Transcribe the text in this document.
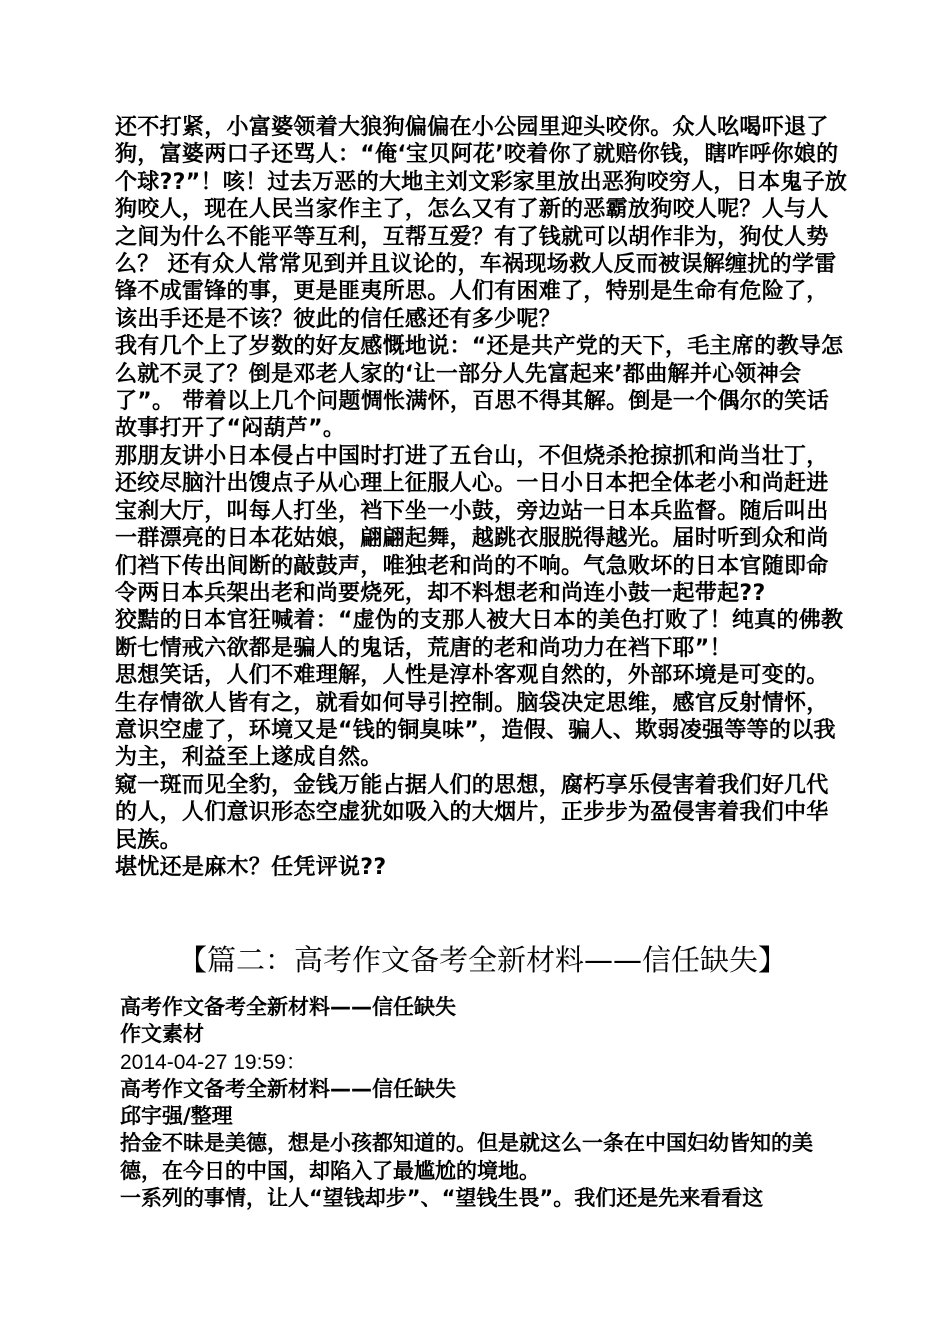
还不打紧，小富婆领着大狼狗偏偏在小公园里迎头咬你。众人吆喝吓退了狗，富婆两口子还骂人：“俺‘宝贝阿花’咬着你了就赔你钱，瞎咋呼你娘的个球??”！咳！过去万恶的大地主刘文彩家里放出恶狗咬穷人，日本鬼子放狗咬人，现在人民当家作主了，怎么又有了新的恶霸放狗咬人呢？人与人之间为什么不能平等互利，互帮互爱？有了钱就可以胡作非为，狗仗人势么？ 还有众人常常见到并且议论的，车祸现场救人反而被误解缠扰的学雷锋不成雷锋的事，更是匪夷所思。人们有困难了，特别是生命有危险了，该出手还是不该？彼此的信任感还有多少呢？

我有几个上了岁数的好友感慨地说：“还是共产党的天下，毛主席的教导怎么就不灵了？倒是邓老人家的‘让一部分人先富起来’都曲解并心领神会了”。 带着以上几个问题惆怅满怀，百思不得其解。倒是一个偶尔的笑话故事打开了“闷葫芦”。

那朋友讲小日本侵占中国时打进了五台山，不但烧杀抢掠抓和尚当壮丁，还绞尽脑汁出馊点子从心理上征服人心。一日小日本把全体老小和尚赶进宝刹大厅，叫每人打坐，裆下坐一小鼓，旁边站一日本兵监督。随后叫出一群漂亮的日本花姑娘，翩翩起舞，越跳衣服脱得越光。届时听到众和尚们裆下传出间断的敲鼓声，唯独老和尚的不响。气急败坏的日本官随即命令两日本兵架出老和尚要烧死，却不料想老和尚连小鼓一起带起??

狡黠的日本官狂喊着：“虚伪的支那人被大日本的美色打败了！纯真的佛教断七情戒六欲都是骗人的鬼话，荒唐的老和尚功力在裆下耶”！

思想笑话，人们不难理解，人性是淳朴客观自然的，外部环境是可变的。生存情欲人皆有之，就看如何导引控制。脑袋决定思维，感官反射情怀，意识空虚了，环境又是“钱的铜臭味”，造假、骗人、欺弱凌强等等的以我为主，利益至上遂成自然。

窥一斑而见全豹，金钱万能占据人们的思想，腐朽享乐侵害着我们好几代的人，人们意识形态空虚犹如吸入的大烟片，正步步为盈侵害着我们中华民族。

堪忧还是麻木？任凭评说??

【篇二：高考作文备考全新材料——信任缺失】

高考作文备考全新材料——信任缺失

作文素材

2014-04-27 19:59：

高考作文备考全新材料——信任缺失

邱宇强/整理

拾金不昧是美德，想是小孩都知道的。但是就这么一条在中国妇幼皆知的美德，在今日的中国，却陷入了最尴尬的境地。

一系列的事情，让人“望钱却步”、“望钱生畏”。我们还是先来看看这
